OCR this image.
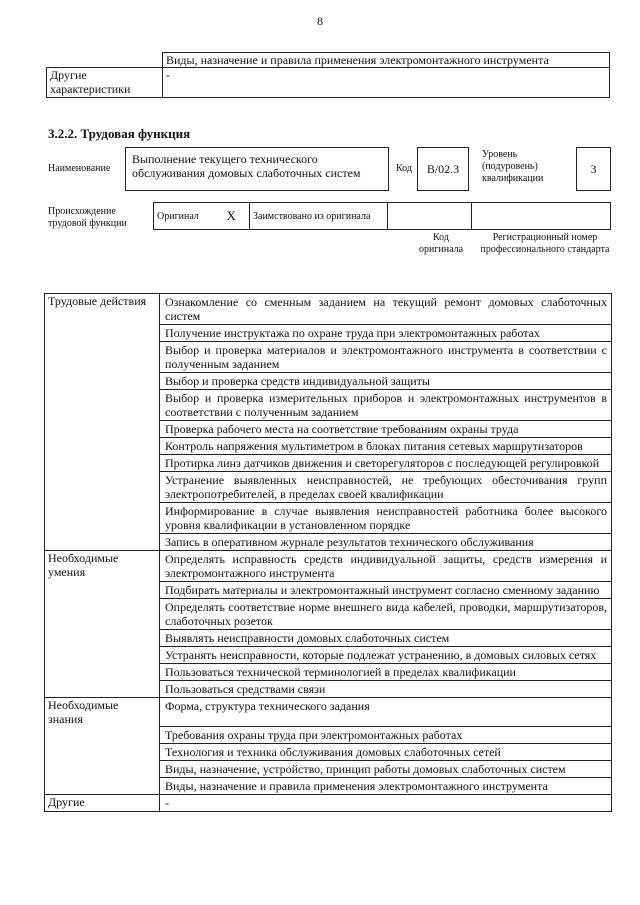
8
	Виды, назначение и правила применения электромонтажного инструмента
Другие характеристики	-
3.2.2. Трудовая функция
Наименование
Выполнение текущего технического обслуживания домовых слаботочных систем	Код	B/02.3
Уровень (подуровень) квалификации
3
Происхождение трудовой функции
Оригинал	X	Заимствовано из оригинала		
Код оригинала
Регистрационный номер профессионального стандарта
Трудовые действия	Ознакомление со сменным заданием на текущий ремонт домовых слаботочных систем
	Получение инструктажа по охране труда при электромонтажных работах
	Выбор и проверка материалов и электромонтажного инструмента в соответствии с полученным заданием
	Выбор и проверка средств индивидуальной защиты
	Выбор и проверка измерительных приборов и электромонтажных инструментов в соответствии с полученным заданием
	Проверка рабочего места на соответствие требованиям охраны труда
	Контроль напряжения мультиметром в блоках питания сетевых маршрутизаторов
	Протирка линз датчиков движения и светорегуляторов с последующей регулировкой
	Устранение выявленных неисправностей, не требующих обесточивания групп электропотребителей, в пределах своей квалификации
	Информирование в случае выявления неисправностей работника более высокого уровня квалификации в установленном порядке
	Запись в оперативном журнале результатов технического обслуживания
Необходимые умения	Определять исправность средств индивидуальной защиты, средств измерения и электромонтажного инструмента
	Подбирать материалы и электромонтажный инструмент согласно сменному заданию
	Определять соответствие норме внешнего вида кабелей, проводки, маршрутизаторов, слаботочных розеток
	Выявлять неисправности домовых слаботочных систем
	Устранять неисправности, которые подлежат устранению, в домовых силовых сетях
	Пользоваться технической терминологией в пределах квалификации
	Пользоваться средствами связи
Необходимые знания	Форма, структура технического задания
	Требования охраны труда при электромонтажных работах
	Технология и техника обслуживания домовых слаботочных сетей
	Виды, назначение, устройство, принцип работы домовых слаботочных систем
	Виды, назначение и правила применения электромонтажного инструмента
Другие	-
